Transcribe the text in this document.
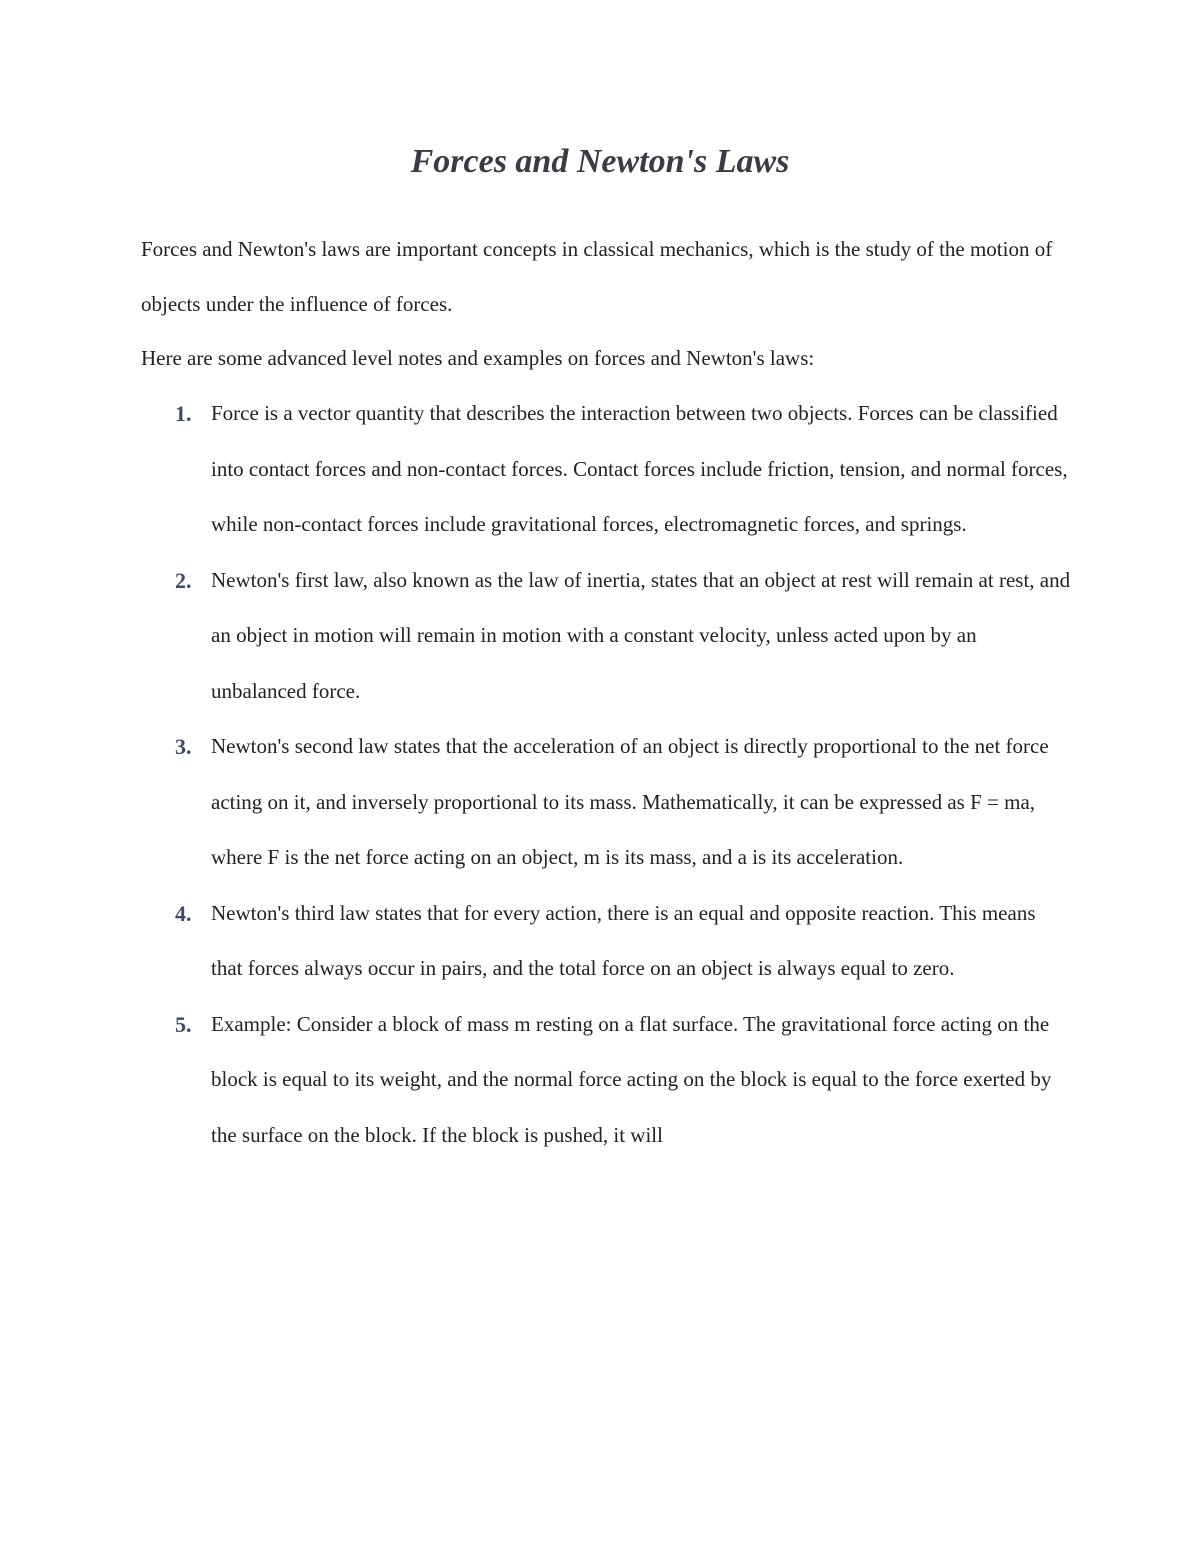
Forces and Newton's Laws

Forces and Newton's laws are important concepts in classical mechanics, which is the study of the motion of objects under the influence of forces.

Here are some advanced level notes and examples on forces and Newton's laws:

1. Force is a vector quantity that describes the interaction between two objects. Forces can be classified into contact forces and non-contact forces. Contact forces include friction, tension, and normal forces, while non-contact forces include gravitational forces, electromagnetic forces, and springs.
2. Newton's first law, also known as the law of inertia, states that an object at rest will remain at rest, and an object in motion will remain in motion with a constant velocity, unless acted upon by an unbalanced force.
3. Newton's second law states that the acceleration of an object is directly proportional to the net force acting on it, and inversely proportional to its mass. Mathematically, it can be expressed as F = ma, where F is the net force acting on an object, m is its mass, and a is its acceleration.
4. Newton's third law states that for every action, there is an equal and opposite reaction. This means that forces always occur in pairs, and the total force on an object is always equal to zero.
5. Example: Consider a block of mass m resting on a flat surface. The gravitational force acting on the block is equal to its weight, and the normal force acting on the block is equal to the force exerted by the surface on the block. If the block is pushed, it will
